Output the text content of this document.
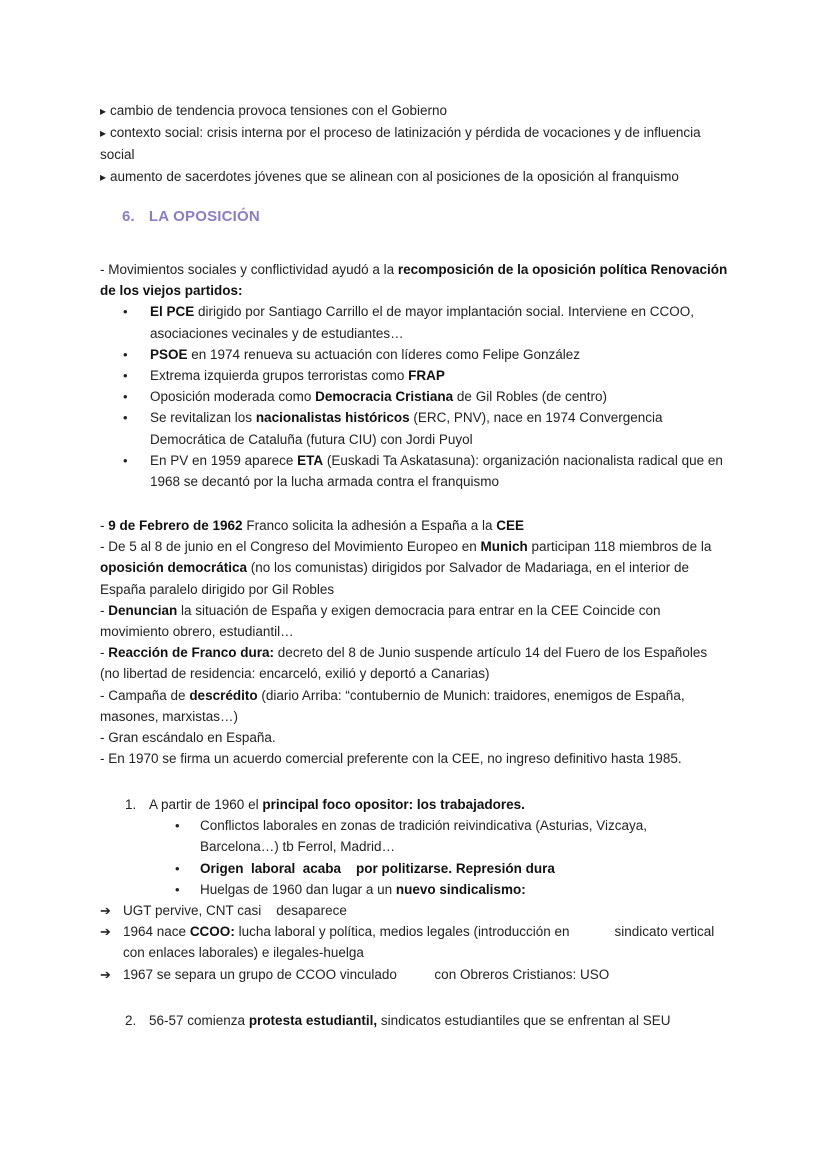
▸ cambio de tendencia provoca tensiones con el Gobierno
▸ contexto social: crisis interna por el proceso de latinización y pérdida de vocaciones y de influencia social
▸ aumento de sacerdotes jóvenes que se alinean con al posiciones de la oposición al franquismo
6. LA OPOSICIÓN
- Movimientos sociales y conflictividad ayudó a la recomposición de la oposición política Renovación de los viejos partidos:
• El PCE dirigido por Santiago Carrillo el de mayor implantación social. Interviene en CCOO, asociaciones vecinales y de estudiantes…
• PSOE en 1974 renueva su actuación con líderes como Felipe González
• Extrema izquierda grupos terroristas como FRAP
• Oposición moderada como Democracia Cristiana de Gil Robles (de centro)
• Se revitalizan los nacionalistas históricos (ERC, PNV), nace en 1974 Convergencia Democrática de Cataluña (futura CIU) con Jordi Puyol
• En PV en 1959 aparece ETA (Euskadi Ta Askatasuna): organización nacionalista radical que en 1968 se decantó por la lucha armada contra el franquismo
- 9 de Febrero de 1962 Franco solicita la adhesión a España a la CEE
- De 5 al 8 de junio en el Congreso del Movimiento Europeo en Munich participan 118 miembros de la oposición democrática (no los comunistas) dirigidos por Salvador de Madariaga, en el interior de España paralelo dirigido por Gil Robles
- Denuncian la situación de España y exigen democracia para entrar en la CEE Coincide con movimiento obrero, estudiantil…
- Reacción de Franco dura: decreto del 8 de Junio suspende artículo 14 del Fuero de los Españoles (no libertad de residencia: encarceló, exilió y deportó a Canarias)
- Campaña de descrédito (diario Arriba: “contubernio de Munich: traidores, enemigos de España, masones, marxistas…)
- Gran escándalo en España.
- En 1970 se firma un acuerdo comercial preferente con la CEE, no ingreso definitivo hasta 1985.
1. A partir de 1960 el principal foco opositor: los trabajadores.
• Conflictos laborales en zonas de tradición reivindicativa (Asturias, Vizcaya, Barcelona…) tb Ferrol, Madrid…
• Origen  laboral  acaba    por politizarse. Represión dura
• Huelgas de 1960 dan lugar a un nuevo sindicalismo:
➔ UGT pervive, CNT casi    desaparece
➔ 1964 nace CCOO: lucha laboral y política, medios legales (introducción en            sindicato vertical  con enlaces laborales) e ilegales-huelga
➔ 1967 se separa un grupo de CCOO vinculado          con Obreros Cristianos: USO
2. 56-57 comienza protesta estudiantil, sindicatos estudiantiles que se enfrentan al SEU
